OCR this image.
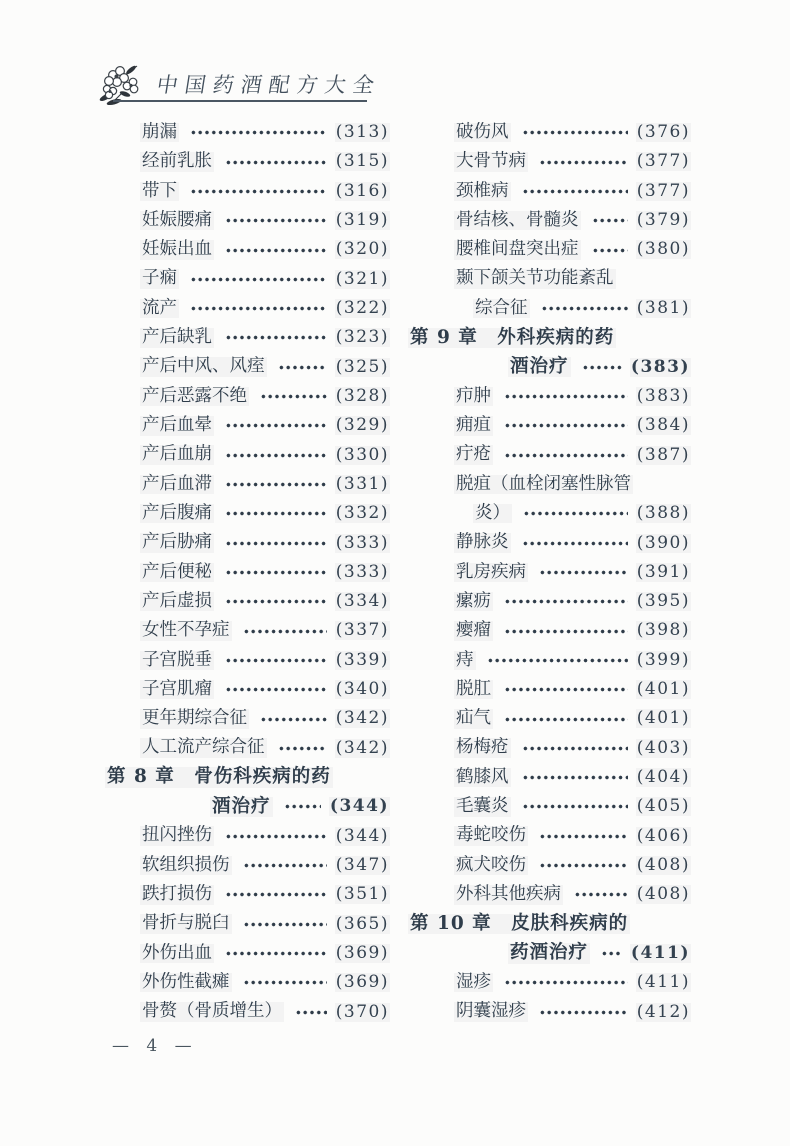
中国药酒配方大全
崩漏	(313)
经前乳胀	(315)
带下	(316)
妊娠腰痛	(319)
妊娠出血	(320)
子痫	(321)
流产	(322)
产后缺乳	(323)
产后中风、风痓	(325)
产后恶露不绝	(328)
产后血晕	(329)
产后血崩	(330)
产后血滞	(331)
产后腹痛	(332)
产后胁痛	(333)
产后便秘	(333)
产后虚损	(334)
女性不孕症	(337)
子宫脱垂	(339)
子宫肌瘤	(340)
更年期综合征	(342)
人工流产综合征	(342)
第 8 章　骨伤科疾病的药
酒治疗	(344)
扭闪挫伤	(344)
软组织损伤	(347)
跌打损伤	(351)
骨折与脱臼	(365)
外伤出血	(369)
外伤性截瘫	(369)
骨赘（骨质增生）	(370)
破伤风	(376)
大骨节病	(377)
颈椎病	(377)
骨结核、骨髓炎	(379)
腰椎间盘突出症	(380)
颞下颌关节功能紊乱
综合征	(381)
第 9 章　外科疾病的药
酒治疗	(383)
疖肿	(383)
痈疽	(384)
疔疮	(387)
脱疽（血栓闭塞性脉管
炎）	(388)
静脉炎	(390)
乳房疾病	(391)
瘰疬	(395)
瘿瘤	(398)
痔	(399)
脱肛	(401)
疝气	(401)
杨梅疮	(403)
鹤膝风	(404)
毛囊炎	(405)
毒蛇咬伤	(406)
疯犬咬伤	(408)
外科其他疾病	(408)
第 10 章　皮肤科疾病的
药酒治疗	(411)
湿疹	(411)
阴囊湿疹	(412)
— 4 —
